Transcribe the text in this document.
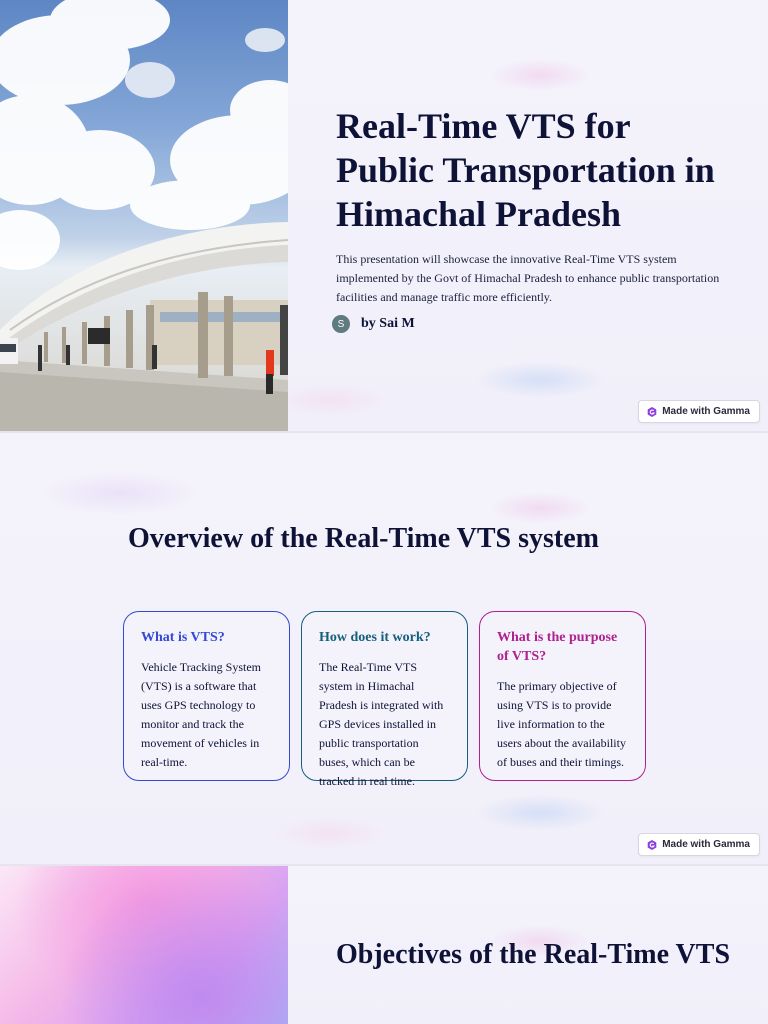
Real-Time VTS for Public Transportation in Himachal Pradesh

This presentation will showcase the innovative Real-Time VTS system implemented by the Govt of Himachal Pradesh to enhance public transportation facilities and manage traffic more efficiently.

S	by Sai M
Made with Gamma
Overview of the Real-Time VTS system
What is VTS?
Vehicle Tracking System (VTS) is a software that uses GPS technology to monitor and track the movement of vehicles in real-time.
How does it work?
The Real-Time VTS system in Himachal Pradesh is integrated with GPS devices installed in public transportation buses, which can be tracked in real time.
What is the purpose of VTS?
The primary objective of using VTS is to provide live information to the users about the availability of buses and their timings.
Made with Gamma
Objectives of the Real-Time VTS
